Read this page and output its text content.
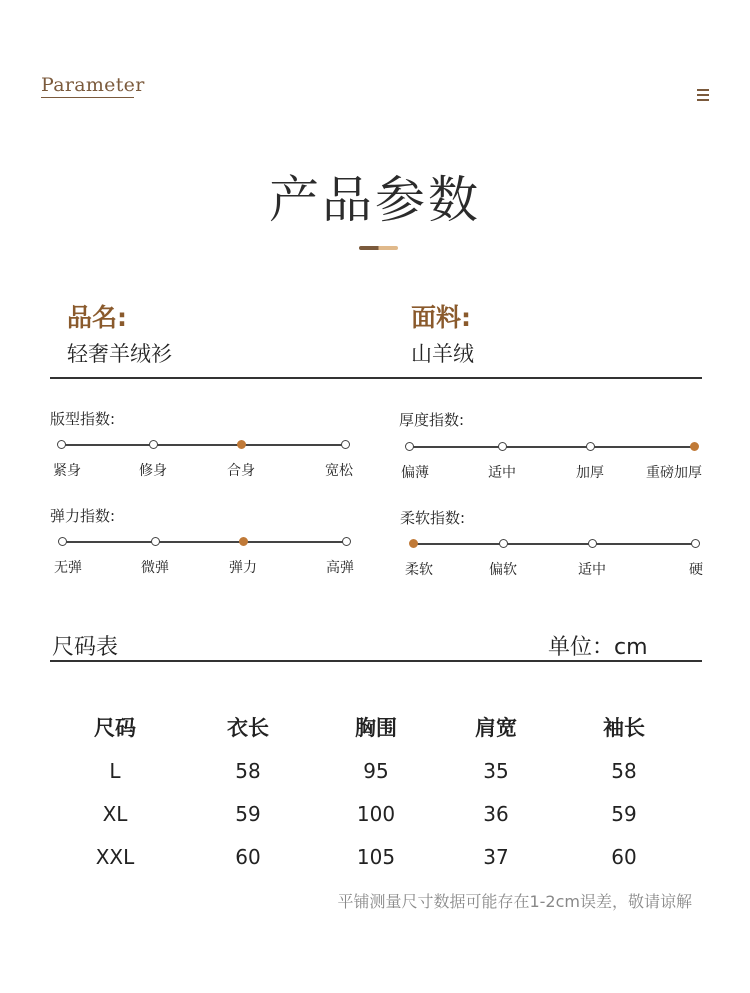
Parameter
产品参数
品名:
轻奢羊绒衫
面料:
山羊绒
版型指数:
紧身	修身	合身	宽松
厚度指数:
偏薄	适中	加厚	重磅加厚
弹力指数:
无弹	微弹	弹力	高弹
柔软指数:
柔软	偏软	适中	硬
尺码表	单位：cm
尺码	衣长	胸围	肩宽	袖长
L	58	95	35	58
XL	59	100	36	59
XXL	60	105	37	60
平铺测量尺寸数据可能存在1-2cm误差，敬请谅解
